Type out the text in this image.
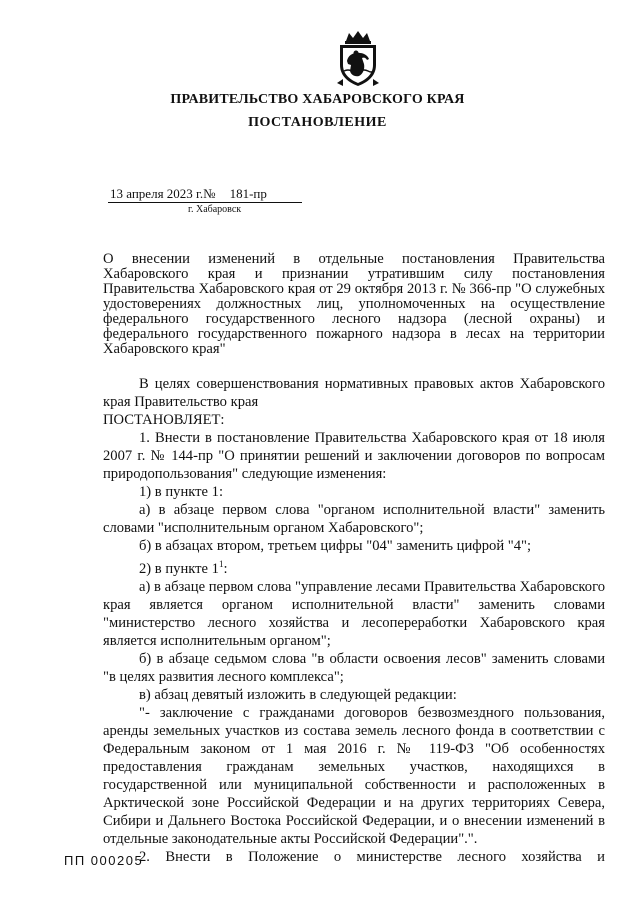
ПРАВИТЕЛЬСТВО ХАБАРОВСКОГО КРАЯ
ПОСТАНОВЛЕНИЕ
13 апреля 2023 г.№ 181-пр
г. Хабаровск
О внесении изменений в отдельные постановления Правительства Хабаровского края и признании утратившим силу постановления Правительства Хабаровского края от 29 октября 2013 г. № 366-пр "О служебных удостоверениях должностных лиц, уполномоченных на осуществление федерального государственного лесного надзора (лесной охраны) и федерального государственного пожарного надзора в лесах на территории Хабаровского края"

В целях совершенствования нормативных правовых актов Хабаровского края Правительство края

ПОСТАНОВЛЯЕТ:

1. Внести в постановление Правительства Хабаровского края от 18 июля 2007 г. № 144-пр "О принятии решений и заключении договоров по вопросам природопользования" следующие изменения:

1) в пункте 1:

а) в абзаце первом слова "органом исполнительной власти" заменить словами "исполнительным органом Хабаровского";

б) в абзацах втором, третьем цифры "04" заменить цифрой "4";

2) в пункте $1^1$:

а) в абзаце первом слова "управление лесами Правительства Хабаровского края является органом исполнительной власти" заменить словами "министерство лесного хозяйства и лесопереработки Хабаровского края является исполнительным органом";

б) в абзаце седьмом слова "в области освоения лесов" заменить словами "в целях развития лесного комплекса";

в) абзац девятый изложить в следующей редакции:

"- заключение с гражданами договоров безвозмездного пользования, аренды земельных участков из состава земель лесного фонда в соответствии с Федеральным законом от 1 мая 2016 г. № 119-ФЗ "Об особенностях предоставления гражданам земельных участков, находящихся в государственной или муниципальной собственности и расположенных в Арктической зоне Российской Федерации и на других территориях Севера, Сибири и Дальнего Востока Российской Федерации, и о внесении изменений в отдельные законодательные акты Российской Федерации".".

2. Внести в Положение о министерстве лесного хозяйства и

ПП 000205
